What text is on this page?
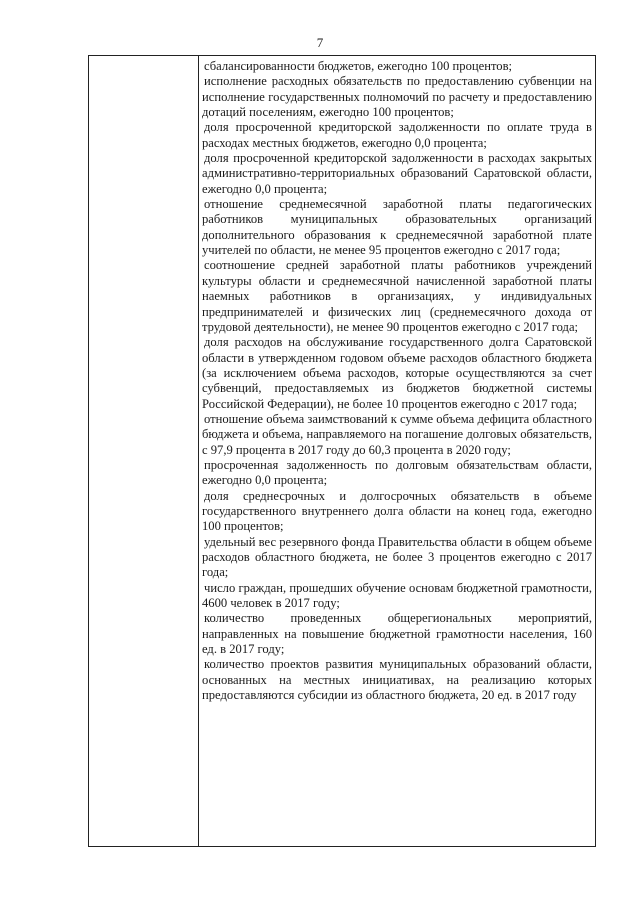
7

сбалансированности бюджетов, ежегодно 100 процентов;

исполнение расходных обязательств по предоставлению субвенции на исполнение государственных полномочий по расчету и предоставлению дотаций поселениям, ежегодно 100 процентов;

доля просроченной кредиторской задолженности по оплате труда в расходах местных бюджетов, ежегодно 0,0 процента;

доля просроченной кредиторской задолженности в расходах закрытых административно-территориальных образований Саратовской области, ежегодно 0,0 процента;

отношение среднемесячной заработной платы педагогических работников муниципальных образовательных организаций дополнительного образования к среднемесячной заработной плате учителей по области, не менее 95 процентов ежегодно с 2017 года;

соотношение средней заработной платы работников учреждений культуры области и среднемесячной начисленной заработной платы наемных работников в организациях, у индивидуальных предпринимателей и физических лиц (среднемесячного дохода от трудовой деятельности), не менее 90 процентов ежегодно с 2017 года;

доля расходов на обслуживание государственного долга Саратовской области в утвержденном годовом объеме расходов областного бюджета (за исключением объема расходов, которые осуществляются за счет субвенций, предоставляемых из бюджетов бюджетной системы Российской Федерации), не более 10 процентов ежегодно с 2017 года;

отношение объема заимствований к сумме объема дефицита областного бюджета и объема, направляемого на погашение долговых обязательств, с 97,9 процента в 2017 году до 60,3 процента в 2020 году;

просроченная задолженность по долговым обязательствам области, ежегодно 0,0 процента;

доля среднесрочных и долгосрочных обязательств в объеме государственного внутреннего долга области на конец года, ежегодно 100 процентов;

удельный вес резервного фонда Правительства области в общем объеме расходов областного бюджета, не более 3 процентов ежегодно с 2017 года;

число граждан, прошедших обучение основам бюджетной грамотности, 4600 человек в 2017 году;

количество проведенных общерегиональных мероприятий, направленных на повышение бюджетной грамотности населения, 160 ед. в 2017 году;

количество проектов развития муниципальных образований области, основанных на местных инициативах, на реализацию которых предоставляются субсидии из областного бюджета, 20 ед. в 2017 году
